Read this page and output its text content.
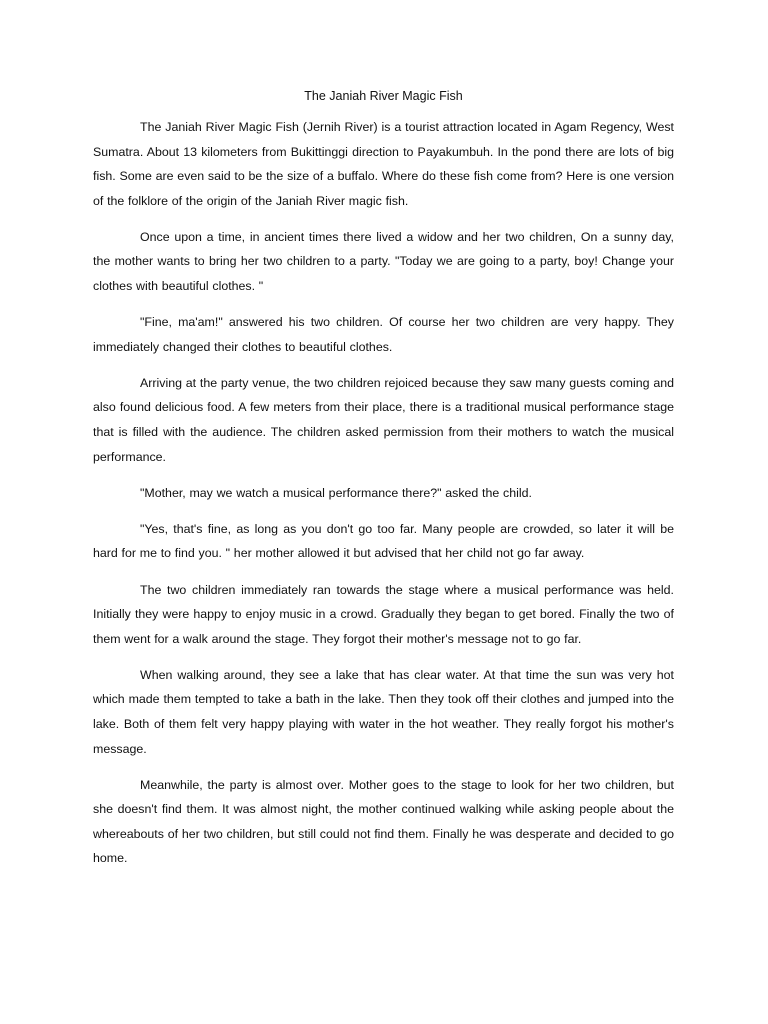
The Janiah River Magic Fish

The Janiah River Magic Fish (Jernih River) is a tourist attraction located in Agam Regency, West Sumatra. About 13 kilometers from Bukittinggi direction to Payakumbuh. In the pond there are lots of big fish. Some are even said to be the size of a buffalo. Where do these fish come from? Here is one version of the folklore of the origin of the Janiah River magic fish.

Once upon a time, in ancient times there lived a widow and her two children, On a sunny day, the mother wants to bring her two children to a party. "Today we are going to a party, boy! Change your clothes with beautiful clothes. "

"Fine, ma'am!" answered his two children. Of course her two children are very happy. They immediately changed their clothes to beautiful clothes.

Arriving at the party venue, the two children rejoiced because they saw many guests coming and also found delicious food. A few meters from their place, there is a traditional musical performance stage that is filled with the audience. The children asked permission from their mothers to watch the musical performance.

"Mother, may we watch a musical performance there?" asked the child.

"Yes, that's fine, as long as you don't go too far. Many people are crowded, so later it will be hard for me to find you. " her mother allowed it but advised that her child not go far away.

The two children immediately ran towards the stage where a musical performance was held. Initially they were happy to enjoy music in a crowd. Gradually they began to get bored. Finally the two of them went for a walk around the stage. They forgot their mother's message not to go far.

When walking around, they see a lake that has clear water. At that time the sun was very hot which made them tempted to take a bath in the lake. Then they took off their clothes and jumped into the lake. Both of them felt very happy playing with water in the hot weather. They really forgot his mother's message.

Meanwhile, the party is almost over. Mother goes to the stage to look for her two children, but she doesn't find them. It was almost night, the mother continued walking while asking people about the whereabouts of her two children, but still could not find them. Finally he was desperate and decided to go home.
